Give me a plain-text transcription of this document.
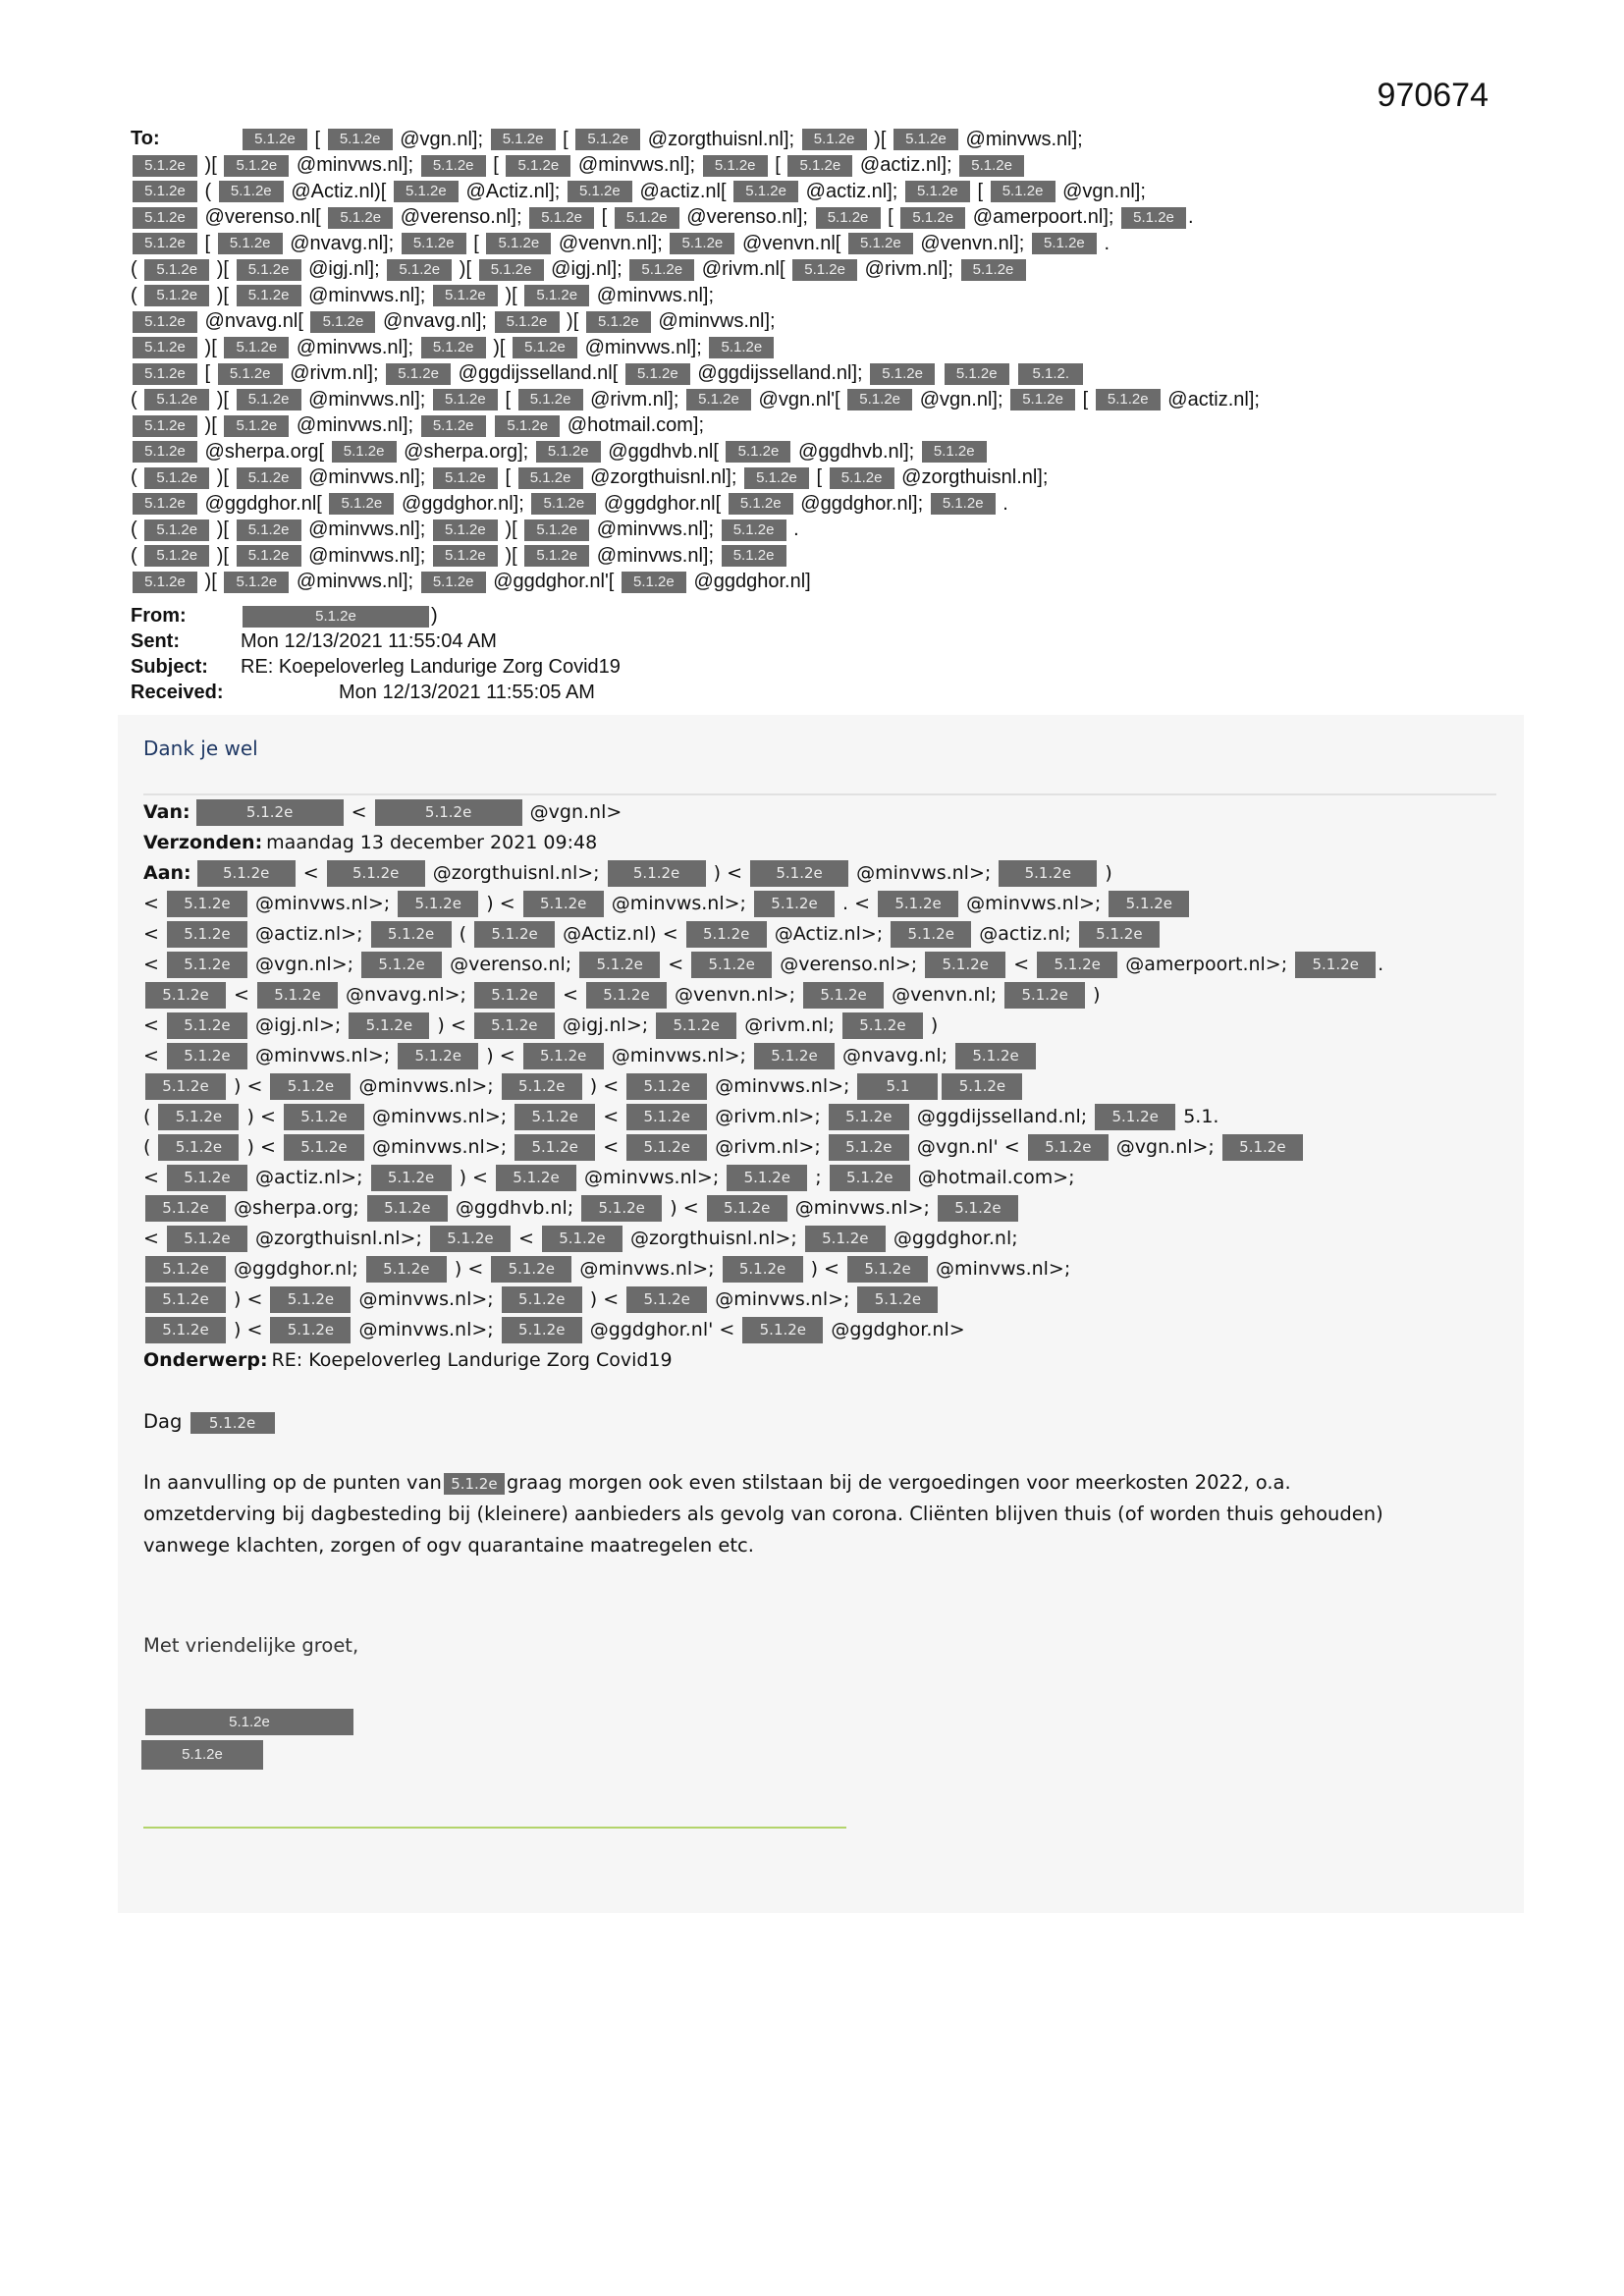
970674
To:	5.1.2e [ 5.1.2e @vgn.nl]; 5.1.2e [ 5.1.2e @zorgthuisnl.nl]; 5.1.2e )[ 5.1.2e @minvws.nl];
5.1.2e )[ 5.1.2e @minvws.nl]; 5.1.2e [ 5.1.2e @minvws.nl]; 5.1.2e [ 5.1.2e @actiz.nl]; 5.1.2e
5.1.2e ( 5.1.2e @Actiz.nl)[ 5.1.2e @Actiz.nl]; 5.1.2e @actiz.nl[ 5.1.2e @actiz.nl]; 5.1.2e [ 5.1.2e @vgn.nl];
5.1.2e @verenso.nl[ 5.1.2e @verenso.nl]; 5.1.2e [ 5.1.2e @verenso.nl]; 5.1.2e [ 5.1.2e @amerpoort.nl]; 5.1.2e .
5.1.2e [ 5.1.2e @nvavg.nl]; 5.1.2e [ 5.1.2e @venvn.nl]; 5.1.2e @venvn.nl[ 5.1.2e @venvn.nl]; 5.1.2e .
( 5.1.2e )[ 5.1.2e @igj.nl]; 5.1.2e )[ 5.1.2e @igj.nl]; 5.1.2e @rivm.nl[ 5.1.2e @rivm.nl]; 5.1.2e
( 5.1.2e )[ 5.1.2e @minvws.nl]; 5.1.2e )[ 5.1.2e @minvws.nl];
5.1.2e @nvavg.nl[ 5.1.2e @nvavg.nl]; 5.1.2e )[ 5.1.2e @minvws.nl];
5.1.2e )[ 5.1.2e @minvws.nl]; 5.1.2e )[ 5.1.2e @minvws.nl]; 5.1.2e
5.1.2e [ 5.1.2e @rivm.nl]; 5.1.2e @ggdijsselland.nl[ 5.1.2e @ggdijsselland.nl]; 5.1.2e 5.1.2e 5.1.2.
( 5.1.2e )[ 5.1.2e @minvws.nl]; 5.1.2e [ 5.1.2e @rivm.nl]; 5.1.2e @vgn.nl'[ 5.1.2e @vgn.nl]; 5.1.2e [ 5.1.2e @actiz.nl];
5.1.2e )[ 5.1.2e @minvws.nl]; 5.1.2e 5.1.2e @hotmail.com];
5.1.2e @sherpa.org[ 5.1.2e @sherpa.org]; 5.1.2e @ggdhvb.nl[ 5.1.2e @ggdhvb.nl]; 5.1.2e
( 5.1.2e )[ 5.1.2e @minvws.nl]; 5.1.2e [ 5.1.2e @zorgthuisnl.nl]; 5.1.2e [ 5.1.2e @zorgthuisnl.nl];
5.1.2e @ggdghor.nl[ 5.1.2e @ggdghor.nl]; 5.1.2e @ggdghor.nl[ 5.1.2e @ggdghor.nl]; 5.1.2e .
( 5.1.2e )[ 5.1.2e @minvws.nl]; 5.1.2e )[ 5.1.2e @minvws.nl]; 5.1.2e .
( 5.1.2e )[ 5.1.2e @minvws.nl]; 5.1.2e )[ 5.1.2e @minvws.nl]; 5.1.2e
5.1.2e )[ 5.1.2e @minvws.nl]; 5.1.2e @ggdghor.nl'[ 5.1.2e @ggdghor.nl]
From:	5.1.2e	)
Sent:	Mon 12/13/2021 11:55:04 AM
Subject: RE: Koepeloverleg Landurige Zorg Covid19
Received:	Mon 12/13/2021 11:55:05 AM
Dank je wel
Van:	5.1.2e	<	5.1.2e	@vgn.nl>
Verzonden: maandag 13 december 2021 09:48
Aan: 5.1.2e < 5.1.2e @zorgthuisnl.nl>; 5.1.2e ) < 5.1.2e @minvws.nl>; 5.1.2e )
< 5.1.2e @minvws.nl>; 5.1.2e ) < 5.1.2e @minvws.nl>; 5.1.2e . < 5.1.2e @minvws.nl>; 5.1.2e
< 5.1.2e @actiz.nl>; 5.1.2e ( 5.1.2e @Actiz.nl) < 5.1.2e @Actiz.nl>; 5.1.2e @actiz.nl; 5.1.2e
< 5.1.2e @vgn.nl>; 5.1.2e @verenso.nl; 5.1.2e < 5.1.2e @verenso.nl>; 5.1.2e < 5.1.2e @amerpoort.nl>; 5.1.2e .
5.1.2e < 5.1.2e @nvavg.nl>; 5.1.2e < 5.1.2e @venvn.nl>; 5.1.2e @venvn.nl; 5.1.2e )
< 5.1.2e @igj.nl>; 5.1.2e ) < 5.1.2e @igj.nl>; 5.1.2e @rivm.nl; 5.1.2e )
< 5.1.2e @minvws.nl>; 5.1.2e ) < 5.1.2e @minvws.nl>; 5.1.2e @nvavg.nl; 5.1.2e
5.1.2e ) < 5.1.2e @minvws.nl>; 5.1.2e ) < 5.1.2e @minvws.nl>; 5.1	5.1.2e
( 5.1.2e ) < 5.1.2e @minvws.nl>; 5.1.2e < 5.1.2e @rivm.nl>; 5.1.2e @ggdijsselland.nl; 5.1.2e 5.1.
( 5.1.2e ) < 5.1.2e @minvws.nl>; 5.1.2e < 5.1.2e @rivm.nl>; 5.1.2e @vgn.nl' < 5.1.2e @vgn.nl>; 5.1.2e
< 5.1.2e @actiz.nl>; 5.1.2e ) < 5.1.2e @minvws.nl>; 5.1.2e ; 5.1.2e @hotmail.com>;
5.1.2e @sherpa.org; 5.1.2e @ggdhvb.nl; 5.1.2e ) < 5.1.2e @minvws.nl>; 5.1.2e
< 5.1.2e @zorgthuisnl.nl>; 5.1.2e < 5.1.2e @zorgthuisnl.nl>; 5.1.2e @ggdghor.nl;
5.1.2e @ggdghor.nl; 5.1.2e ) < 5.1.2e @minvws.nl>; 5.1.2e ) < 5.1.2e @minvws.nl>;
5.1.2e ) < 5.1.2e @minvws.nl>; 5.1.2e ) < 5.1.2e @minvws.nl>; 5.1.2e
5.1.2e ) < 5.1.2e @minvws.nl>; 5.1.2e @ggdghor.nl' < 5.1.2e @ggdghor.nl>
Onderwerp: RE: Koepeloverleg Landurige Zorg Covid19

Dag 5.1.2e

In aanvulling op de punten van 5.1.2e graag morgen ook even stilstaan bij de vergoedingen voor meerkosten 2022, o.a.
omzetderving bij dagbesteding bij (kleinere) aanbieders als gevolg van corona. Cliënten blijven thuis (of worden thuis gehouden)
vanwege klachten, zorgen of ogv quarantaine maatregelen etc.

Met vriendelijke groet,

5.1.2e
5.1.2e
